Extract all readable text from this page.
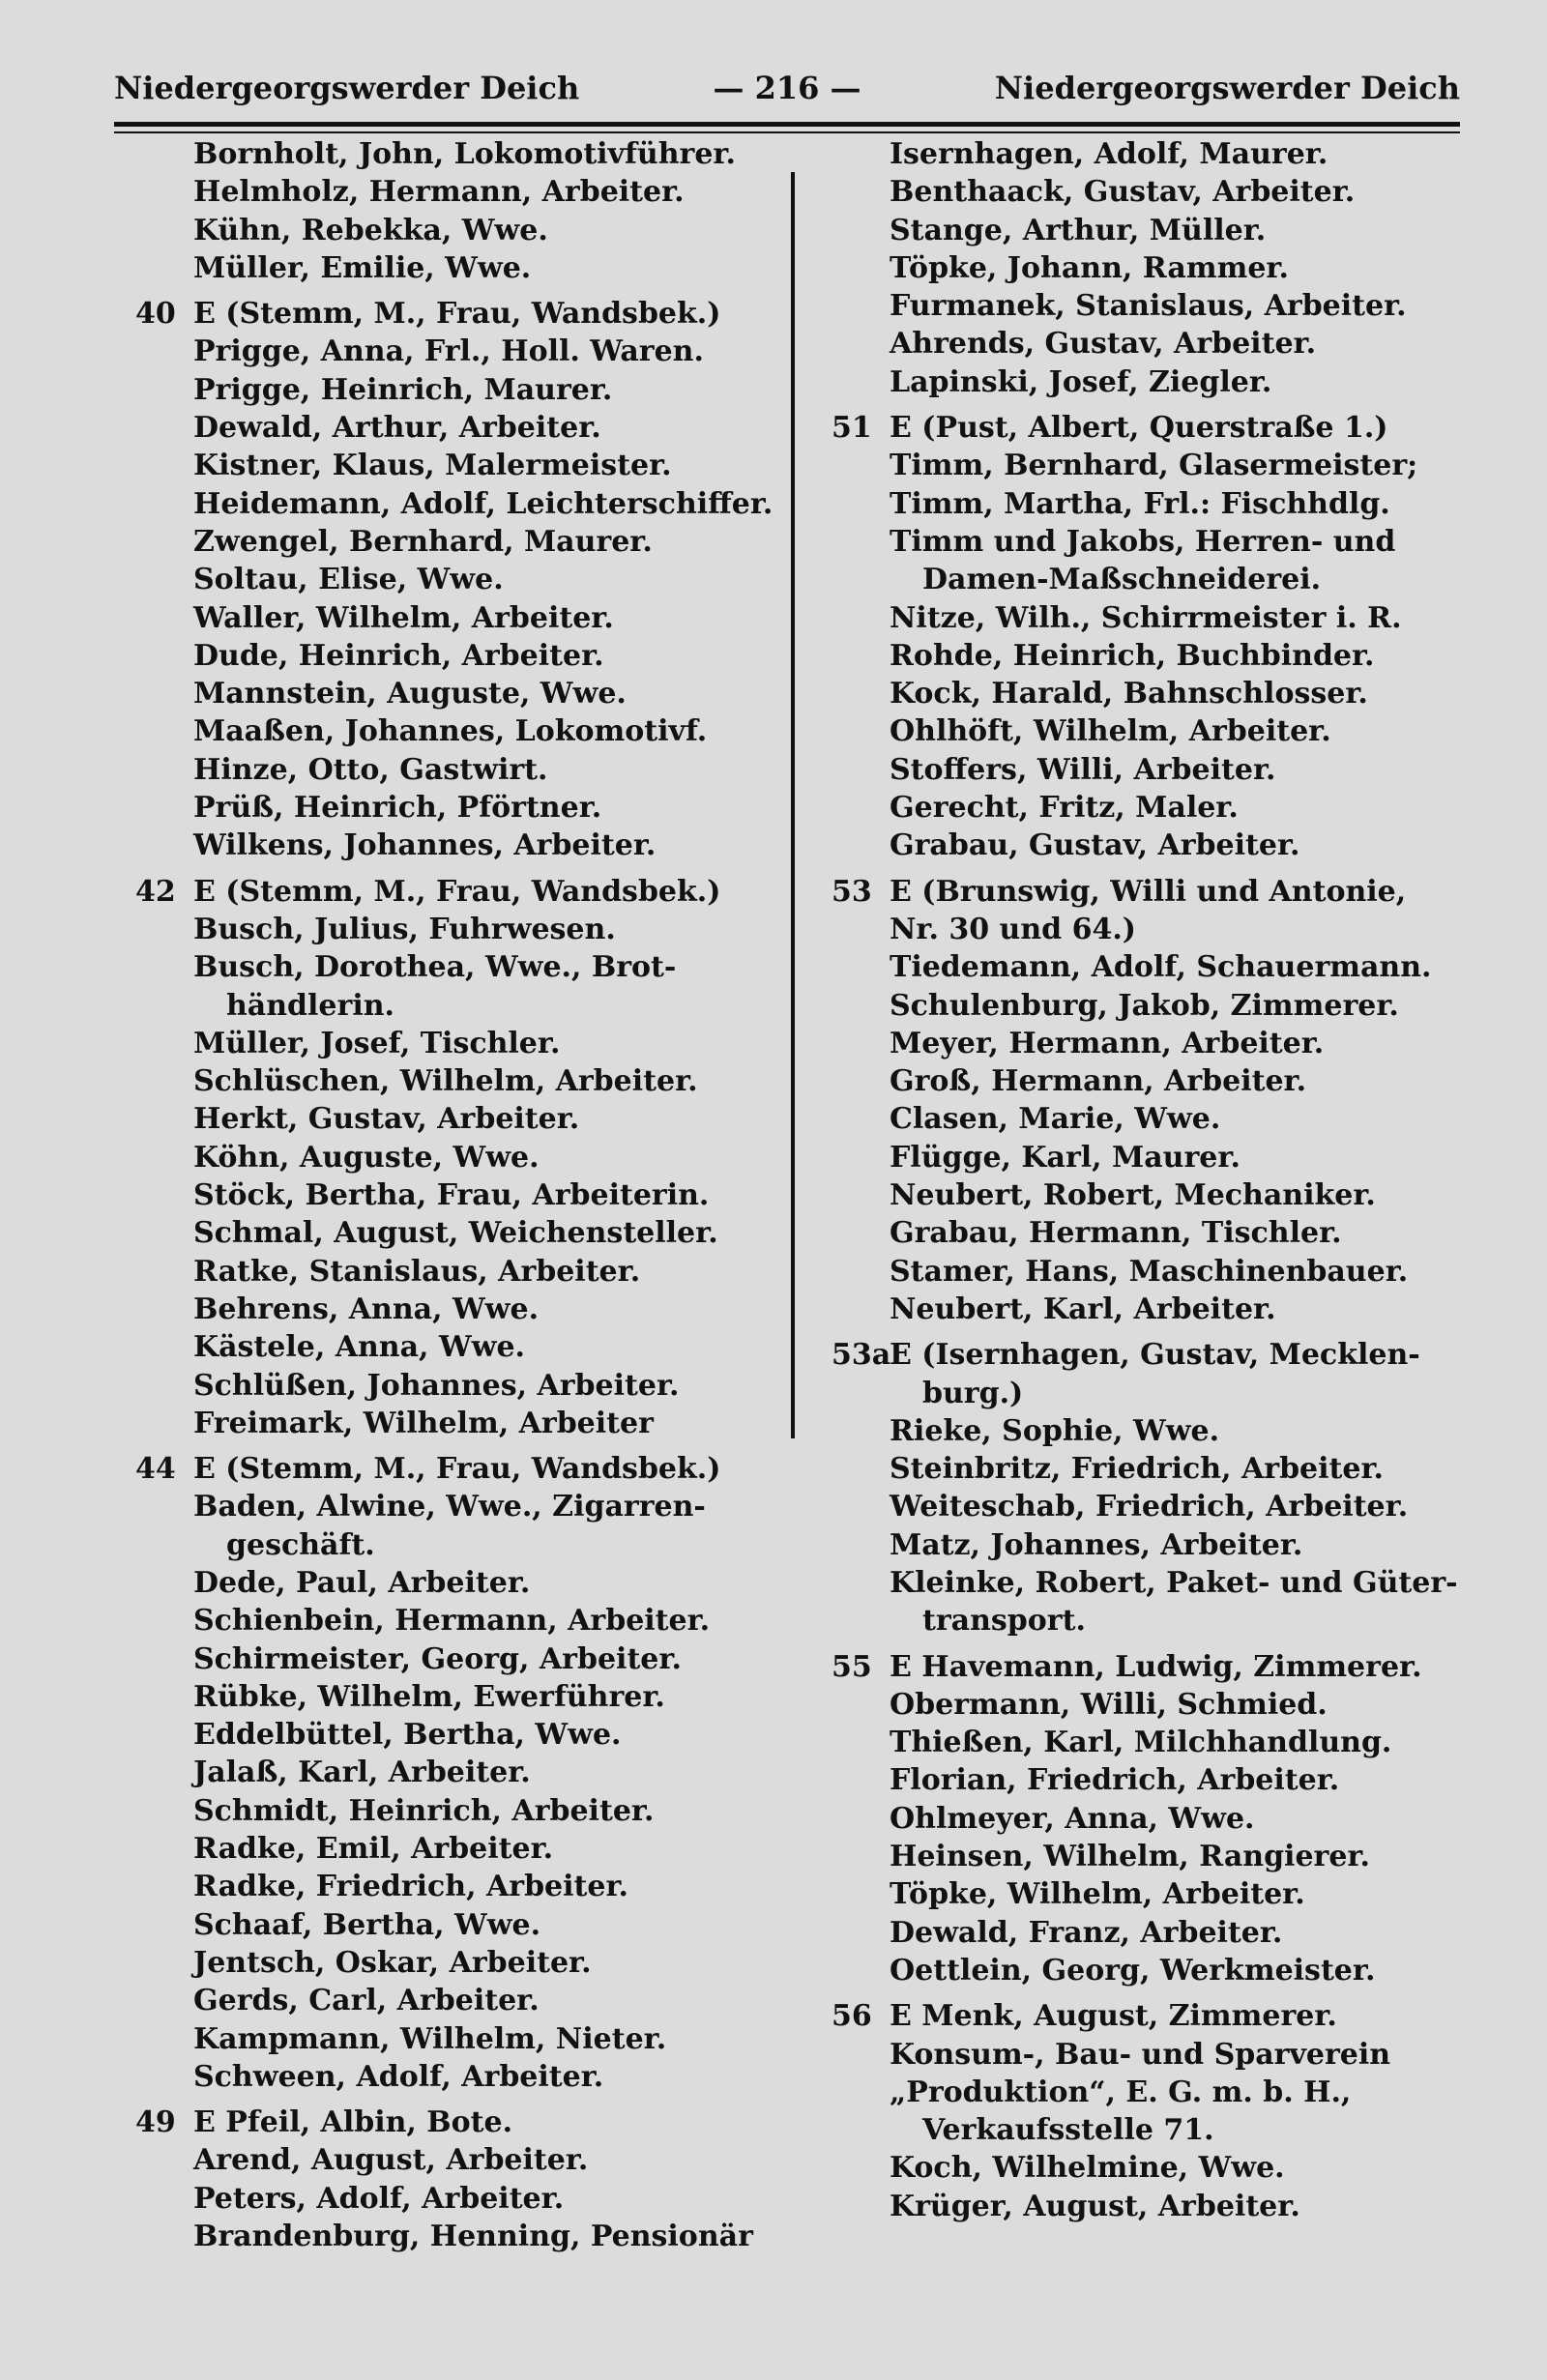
Niedergeorgswerder Deich	— 216 —	Niedergeorgswerder Deich
Bornholt, John, Lokomotivführer.
Helmholz, Hermann, Arbeiter.
Kühn, Rebekka, Wwe.
Müller, Emilie, Wwe.
40 E (Stemm, M., Frau, Wandsbek.)
Prigge, Anna, Frl., Holl. Waren.
Prigge, Heinrich, Maurer.
Dewald, Arthur, Arbeiter.
Kistner, Klaus, Malermeister.
Heidemann, Adolf, Leichterschiffer.
Zwengel, Bernhard, Maurer.
Soltau, Elise, Wwe.
Waller, Wilhelm, Arbeiter.
Dude, Heinrich, Arbeiter.
Mannstein, Auguste, Wwe.
Maaßen, Johannes, Lokomotivf.
Hinze, Otto, Gastwirt.
Prüß, Heinrich, Pförtner.
Wilkens, Johannes, Arbeiter.
42 E (Stemm, M., Frau, Wandsbek.)
Busch, Julius, Fuhrwesen.
Busch, Dorothea, Wwe., Brot-
händlerin.
Müller, Josef, Tischler.
Schlüschen, Wilhelm, Arbeiter.
Herkt, Gustav, Arbeiter.
Köhn, Auguste, Wwe.
Stöck, Bertha, Frau, Arbeiterin.
Schmal, August, Weichensteller.
Ratke, Stanislaus, Arbeiter.
Behrens, Anna, Wwe.
Kästele, Anna, Wwe.
Schlüßen, Johannes, Arbeiter.
Freimark, Wilhelm, Arbeiter
44 E (Stemm, M., Frau, Wandsbek.)
Baden, Alwine, Wwe., Zigarren-
geschäft.
Dede, Paul, Arbeiter.
Schienbein, Hermann, Arbeiter.
Schirmeister, Georg, Arbeiter.
Rübke, Wilhelm, Ewerführer.
Eddelbüttel, Bertha, Wwe.
Jalaß, Karl, Arbeiter.
Schmidt, Heinrich, Arbeiter.
Radke, Emil, Arbeiter.
Radke, Friedrich, Arbeiter.
Schaaf, Bertha, Wwe.
Jentsch, Oskar, Arbeiter.
Gerds, Carl, Arbeiter.
Kampmann, Wilhelm, Nieter.
Schween, Adolf, Arbeiter.
49 E Pfeil, Albin, Bote.
Arend, August, Arbeiter.
Peters, Adolf, Arbeiter.
Brandenburg, Henning, Pensionär
Isernhagen, Adolf, Maurer.
Benthaack, Gustav, Arbeiter.
Stange, Arthur, Müller.
Töpke, Johann, Rammer.
Furmanek, Stanislaus, Arbeiter.
Ahrends, Gustav, Arbeiter.
Lapinski, Josef, Ziegler.
51 E (Pust, Albert, Querstraße 1.)
Timm, Bernhard, Glasermeister;
Timm, Martha, Frl.: Fischhdlg.
Timm und Jakobs, Herren- und
Damen-Maßschneiderei.
Nitze, Wilh., Schirrmeister i. R.
Rohde, Heinrich, Buchbinder.
Kock, Harald, Bahnschlosser.
Ohlhöft, Wilhelm, Arbeiter.
Stoffers, Willi, Arbeiter.
Gerecht, Fritz, Maler.
Grabau, Gustav, Arbeiter.
53 E (Brunswig, Willi und Antonie,
Nr. 30 und 64.)
Tiedemann, Adolf, Schauermann.
Schulenburg, Jakob, Zimmerer.
Meyer, Hermann, Arbeiter.
Groß, Hermann, Arbeiter.
Clasen, Marie, Wwe.
Flügge, Karl, Maurer.
Neubert, Robert, Mechaniker.
Grabau, Hermann, Tischler.
Stamer, Hans, Maschinenbauer.
Neubert, Karl, Arbeiter.
53a
E (Isernhagen, Gustav, Mecklen-
burg.)
Rieke, Sophie, Wwe.
Steinbritz, Friedrich, Arbeiter.
Weiteschab, Friedrich, Arbeiter.
Matz, Johannes, Arbeiter.
Kleinke, Robert, Paket- und Güter-
transport.
55 E Havemann, Ludwig, Zimmerer.
Obermann, Willi, Schmied.
Thießen, Karl, Milchhandlung.
Florian, Friedrich, Arbeiter.
Ohlmeyer, Anna, Wwe.
Heinsen, Wilhelm, Rangierer.
Töpke, Wilhelm, Arbeiter.
Dewald, Franz, Arbeiter.
Oettlein, Georg, Werkmeister.
56 E Menk, August, Zimmerer.
Konsum-, Bau- und Sparverein
„Produktion“, E. G. m. b. H.,
Verkaufsstelle 71.
Koch, Wilhelmine, Wwe.
Krüger, August, Arbeiter.
